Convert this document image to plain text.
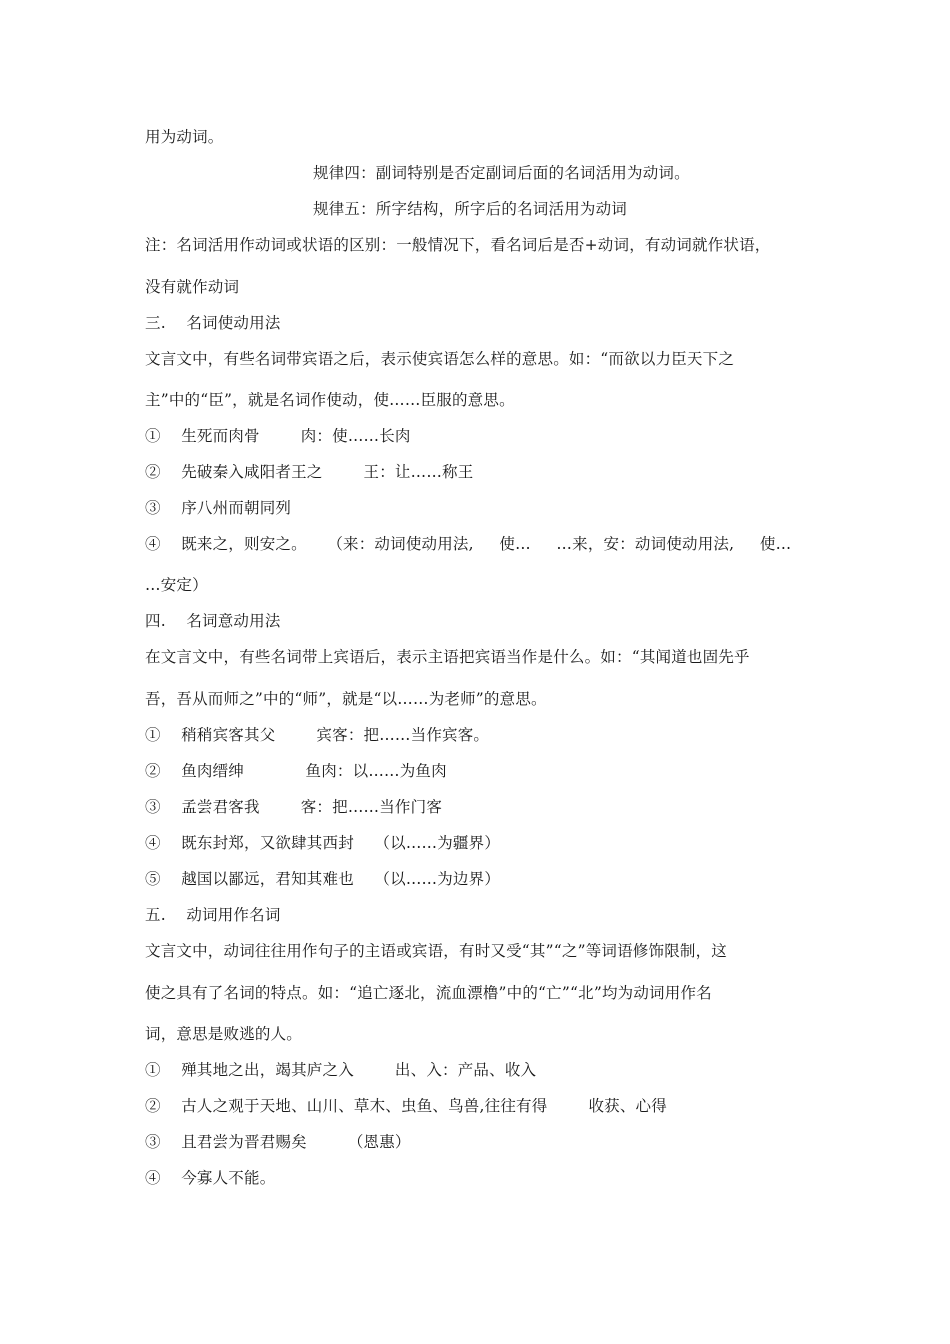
用为动词。
规律四：副词特别是否定副词后面的名词活用为动词。
规律五：所字结构，所字后的名词活用为动词
注：名词活用作动词或状语的区别：一般情况下，看名词后是否+动词，有动词就作状语，
没有就作动词
三.    名词使动用法
文言文中，有些名词带宾语之后，表示使宾语怎么样的意思。如：“而欲以力臣天下之
主”中的“臣”，就是名词作使动，使……臣服的意思。
①    生死而肉骨        肉：使……长肉
②    先破秦入咸阳者王之        王：让……称王
③    序八州而朝同列
④    既来之，则安之。    （来：动词使动用法,     使…     …来，安：动词使动用法,     使…
…安定）
四.    名词意动用法
在文言文中，有些名词带上宾语后，表示主语把宾语当作是什么。如：“其闻道也固先乎
吾，吾从而师之”中的“师”，就是“以……为老师”的意思。
①    稍稍宾客其父        宾客：把……当作宾客。
②    鱼肉缙绅            鱼肉：以……为鱼肉
③    孟尝君客我        客：把……当作门客
④    既东封郑，又欲肆其西封    （以……为疆界）
⑤    越国以鄙远，君知其难也    （以……为边界）
五.    动词用作名词
文言文中，动词往往用作句子的主语或宾语，有时又受“其”“之”等词语修饰限制，这
使之具有了名词的特点。如：“追亡逐北，流血漂橹”中的“亡”“北”均为动词用作名
词，意思是败逃的人。
①    殚其地之出，竭其庐之入        出、入：产品、收入
②    古人之观于天地、山川、草木、虫鱼、鸟兽,往往有得        收获、心得
③    且君尝为晋君赐矣        （恩惠）
④    今寡人不能。
